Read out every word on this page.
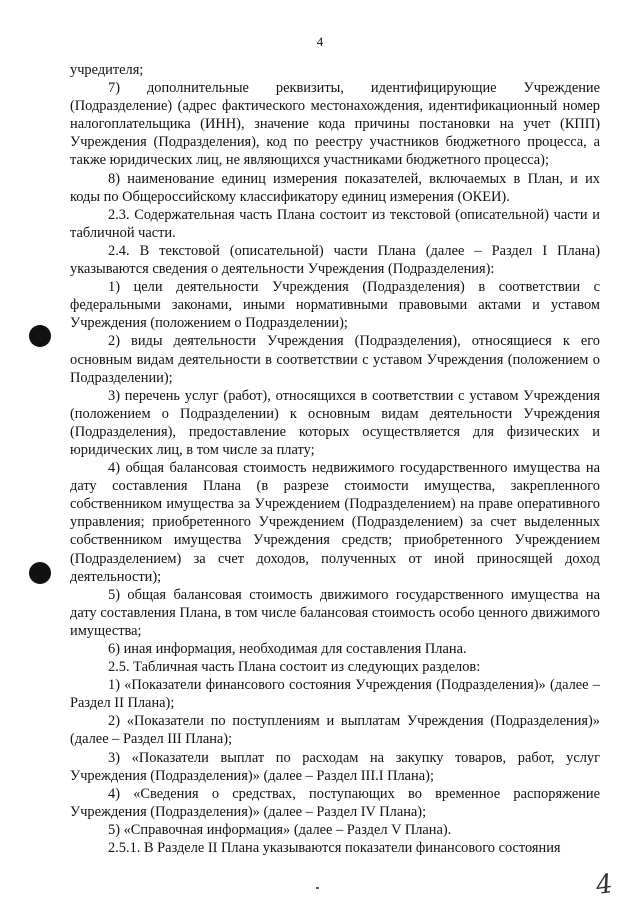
4

учредителя;

7) дополнительные реквизиты, идентифицирующие Учреждение (Подразделение) (адрес фактического местонахождения, идентификационный номер налогоплательщика (ИНН), значение кода причины постановки на учет (КПП) Учреждения (Подразделения), код по реестру участников бюджетного процесса, а также юридических лиц, не являющихся участниками бюджетного процесса);

8) наименование единиц измерения показателей, включаемых в План, и их коды по Общероссийскому классификатору единиц измерения (ОКЕИ).

2.3. Содержательная часть Плана состоит из текстовой (описательной) части и табличной части.

2.4. В текстовой (описательной) части Плана (далее – Раздел I Плана) указываются сведения о деятельности Учреждения (Подразделения):

1) цели деятельности Учреждения (Подразделения) в соответствии с федеральными законами, иными нормативными правовыми актами и уставом Учреждения (положением о Подразделении);

2) виды деятельности Учреждения (Подразделения), относящиеся к его основным видам деятельности в соответствии с уставом Учреждения (положением о Подразделении);

3) перечень услуг (работ), относящихся в соответствии с уставом Учреждения (положением о Подразделении) к основным видам деятельности Учреждения (Подразделения), предоставление которых осуществляется для физических и юридических лиц, в том числе за плату;

4) общая балансовая стоимость недвижимого государственного имущества на дату составления Плана (в разрезе стоимости имущества, закрепленного собственником имущества за Учреждением (Подразделением) на праве оперативного управления; приобретенного Учреждением (Подразделением) за счет выделенных собственником имущества Учреждения средств; приобретенного Учреждением (Подразделением) за счет доходов, полученных от иной приносящей доход деятельности);

5) общая балансовая стоимость движимого государственного имущества на дату составления Плана, в том числе балансовая стоимость особо ценного движимого имущества;

6) иная информация, необходимая для составления Плана.

2.5. Табличная часть Плана состоит из следующих разделов:

1) «Показатели финансового состояния Учреждения (Подразделения)» (далее – Раздел II Плана);

2) «Показатели по поступлениям и выплатам Учреждения (Подразделения)» (далее – Раздел III Плана);

3) «Показатели выплат по расходам на закупку товаров, работ, услуг Учреждения (Подразделения)» (далее – Раздел III.I Плана);

4) «Сведения о средствах, поступающих во временное распоряжение Учреждения (Подразделения)» (далее – Раздел IV Плана);

5) «Справочная информация» (далее – Раздел V Плана).

2.5.1. В Разделе II Плана указываются показатели финансового состояния

4
